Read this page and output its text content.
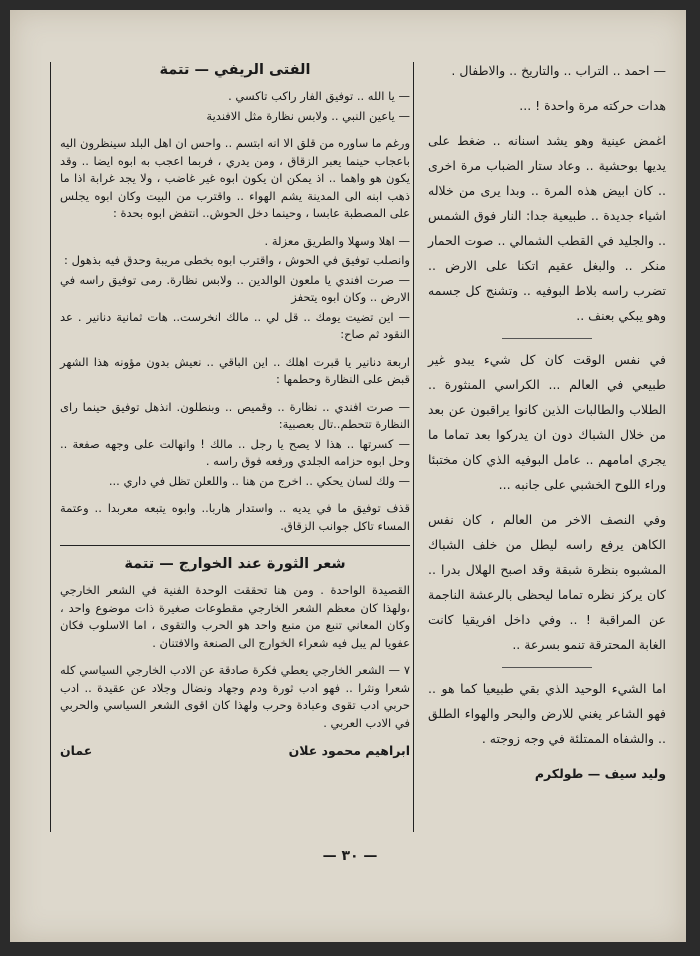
— احمد .. التراب .. والتاريخ .. والاطفال .

هدات حركته مرة واحدة ! ...

اغمض عينية وهو يشد اسنانه .. ضغط على يديها بوحشية .. وعاد ستار الضباب مرة اخرى .. كان ابيض هذه المرة .. وبدا يرى من خلاله اشياء جديدة .. طبيعية جدا: النار فوق الشمس .. والجليد في القطب الشمالي .. صوت الحمار منكر .. والبغل عقيم اتكنا على الارض .. تضرب راسه بلاط البوفيه .. وتشنج كل جسمه وهو يبكي بعنف ..

في نفس الوقت كان كل شيء يبدو غير طبيعي في العالم ... الكراسي المنثورة .. الطلاب والطالبات الذين كانوا يراقبون عن بعد من خلال الشباك دون ان يدركوا بعد تماما ما يجري امامهم .. عامل البوفيه الذي كان مختبئا وراء اللوح الخشبي على جانبه ...

وفي النصف الاخر من العالم ، كان نفس الكاهن يرفع راسه ليطل من خلف الشباك المشبوه بنظرة شبقة وقد اصبح الهلال بدرا .. كان يركز نظره تماما ليحظى بالرعشة الناجمة عن المراقبة ! .. وفي داخل افريقيا كانت الغابة المحترقة تنمو بسرعة ..

اما الشيء الوحيد الذي بقي طبيعيا كما هو .. فهو الشاعر يغني للارض والبحر والهواء الطلق .. والشفاه الممتلئة في وجه زوجته .

وليد سيف — طولكرم
الفتى الريفي — تتمة

— يا الله .. توفيق الفار راكب تاكسي .

— ياعين النبي .. ولابس نظارة مثل الافندية

ورغم ما ساوره من قلق الا انه ابتسم .. واحس ان اهل البلد سينظرون اليه باعجاب حينما يعبر الزقاق ، ومن يدري ، فربما اعجب به ابوه ايضا .. وقد يكون هو واهما .. اذ يمكن ان يكون ابوه غير غاضب ، ولا يجد غرابة اذا ما ذهب ابنه الى المدينة يشم الهواء .. واقترب من البيت وكان ابوه يجلس على المصطبة عابسا ، وحينما دخل الحوش.. انتفض ابوه بحدة :

— اهلا وسهلا والطريق معزلة .

وانصلب توفيق في الحوش ، واقترب ابوه بخطى مريبة وحدق فيه بذهول :

— صرت افندي يا ملعون الوالدين .. ولابس نظارة. رمى توفيق راسه في الارض .. وكان ابوه يتحفز

— اين تضيت يومك .. قل لي .. مالك انخرست.. هات ثمانية دنانير . عد النقود ثم صاح:

اربعة دنانير يا قبرت اهلك .. اين الباقي .. نعيش بدون مؤونه هذا الشهر قبض على النظارة وحطمها :

— صرت افندي .. نظارة .. وقميص .. وبنطلون. انذهل توفيق حينما راى النظارة تتحطم..تال بعصبية:

— كسرتها .. هذا لا يصح يا رجل .. مالك ! وانهالت على وجهه صفعة .. وحل ابوه حزامه الجلدي ورفعه فوق راسه .

— ولك لسان يحكي .. اخرج من هنا .. واللعلن تظل في داري ...

قذف توفيق ما في يديه .. واستدار هاربا.. وابوه يتبعه معربدا .. وعتمة المساء تاكل جوانب الزقاق.

شعر الثورة عند الخوارج — تتمة

القصيدة الواحدة . ومن هنا تحققت الوحدة الفنية في الشعر الخارجي ،ولهذا كان معظم الشعر الخارجي مقطوعات صغيرة ذات موضوع واحد ، وكان المعاني تنبع من منبع واحد هو الحرب والتقوى ، اما الاسلوب فكان عفويا لم يبل فيه شعراء الخوارج الى الصنعة والافتنان .

٧ — الشعر الخارجي يعطي فكرة صادقة عن الادب الخارجي السياسي كله شعرا ونثرا .. فهو ادب ثورة ودم وجهاد ونضال وجلاد عن عقيدة .. ادب حربي ادب تقوى وعبادة وحرب ولهذا كان اقوى الشعر السياسي والحربي في الادب العربي .

ابراهيم محمود علان
عمان
— ٣٠ —
